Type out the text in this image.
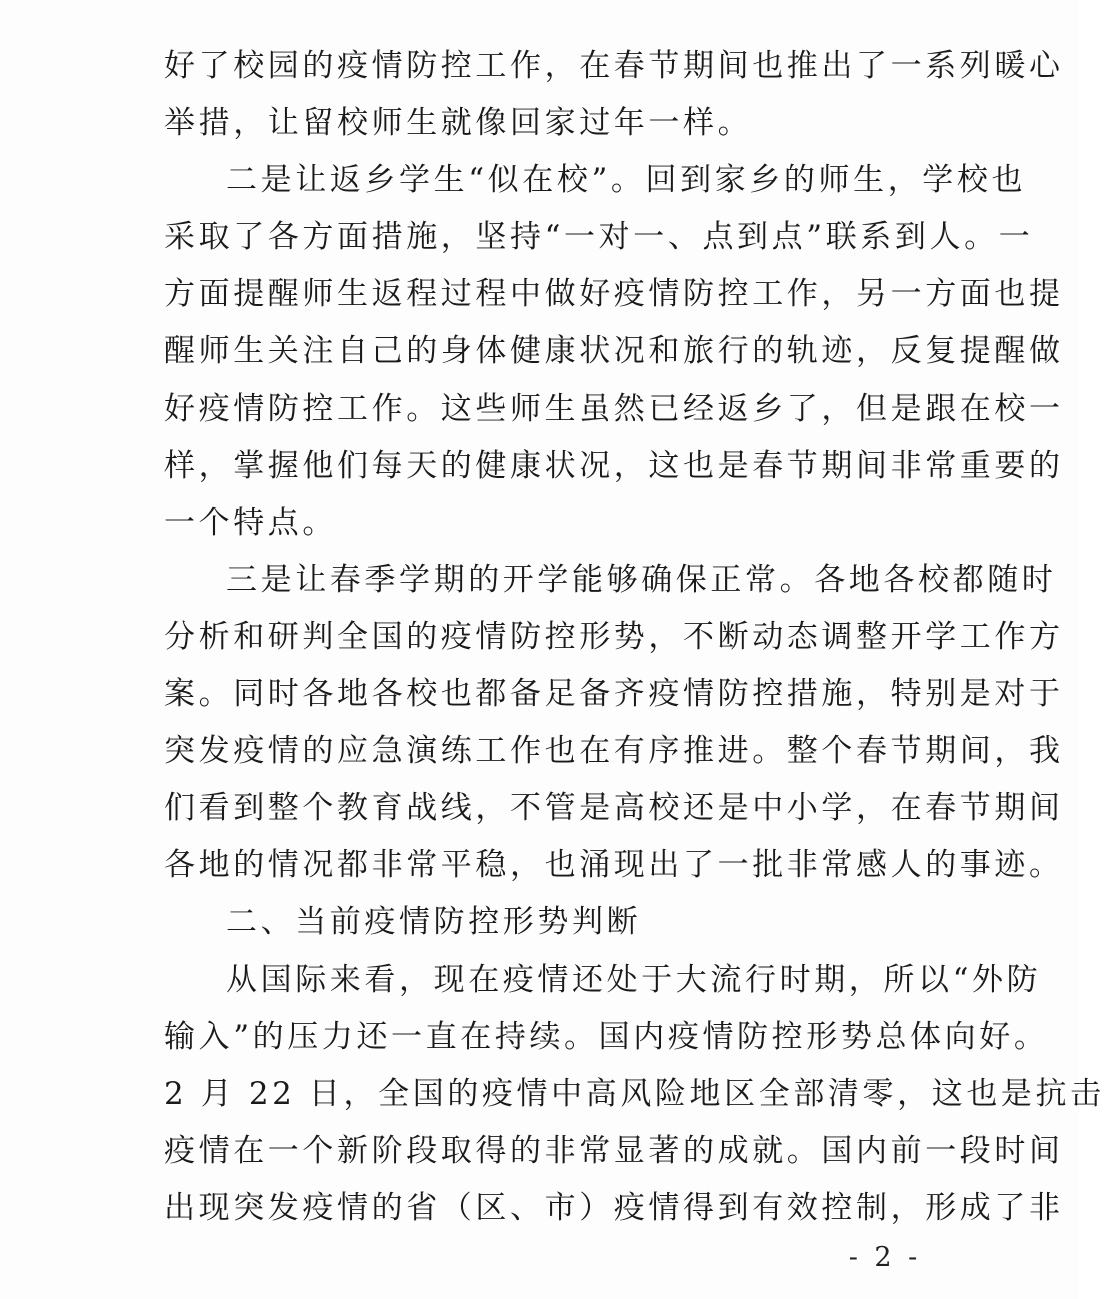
好了校园的疫情防控工作，在春节期间也推出了一系列暖心
举措，让留校师生就像回家过年一样。
二是让返乡学生“似在校”。回到家乡的师生，学校也
采取了各方面措施，坚持“一对一、点到点”联系到人。一
方面提醒师生返程过程中做好疫情防控工作，另一方面也提
醒师生关注自己的身体健康状况和旅行的轨迹，反复提醒做
好疫情防控工作。这些师生虽然已经返乡了，但是跟在校一
样，掌握他们每天的健康状况，这也是春节期间非常重要的
一个特点。
三是让春季学期的开学能够确保正常。各地各校都随时
分析和研判全国的疫情防控形势，不断动态调整开学工作方
案。同时各地各校也都备足备齐疫情防控措施，特别是对于
突发疫情的应急演练工作也在有序推进。整个春节期间，我
们看到整个教育战线，不管是高校还是中小学，在春节期间
各地的情况都非常平稳，也涌现出了一批非常感人的事迹。
二、当前疫情防控形势判断
从国际来看，现在疫情还处于大流行时期，所以“外防
输入”的压力还一直在持续。国内疫情防控形势总体向好。
2 月 22 日，全国的疫情中高风险地区全部清零，这也是抗击
疫情在一个新阶段取得的非常显著的成就。国内前一段时间
出现突发疫情的省（区、市）疫情得到有效控制，形成了非
- 2 -
